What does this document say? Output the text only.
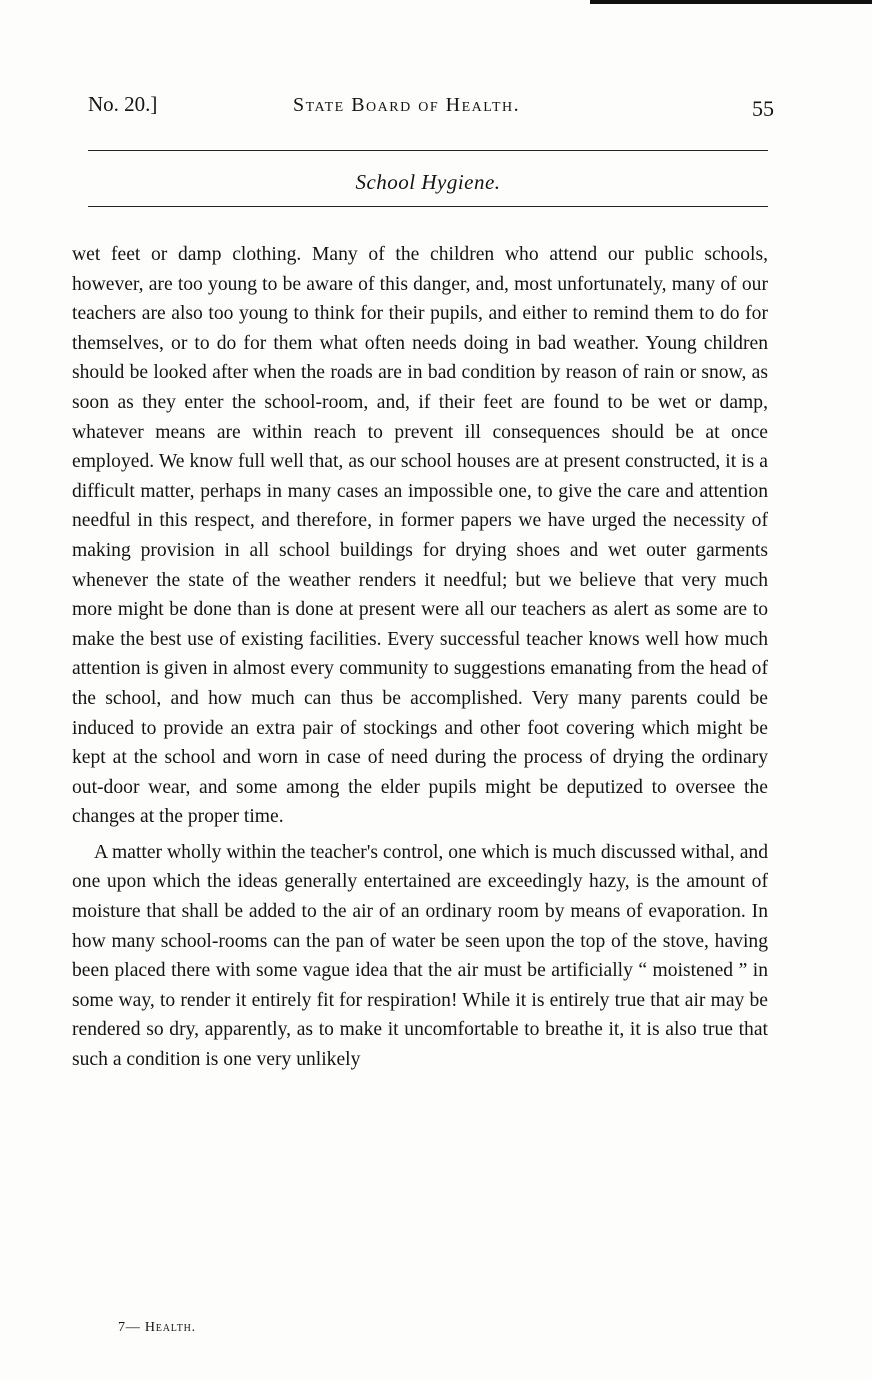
No. 20.]	State Board of Health.	55
School Hygiene.

wet feet or damp clothing. Many of the children who attend our public schools, however, are too young to be aware of this danger, and, most unfortunately, many of our teachers are also too young to think for their pupils, and either to remind them to do for themselves, or to do for them what often needs doing in bad weather. Young children should be looked after when the roads are in bad condition by reason of rain or snow, as soon as they enter the school-room, and, if their feet are found to be wet or damp, whatever means are within reach to prevent ill consequences should be at once employed. We know full well that, as our school houses are at present constructed, it is a difficult matter, perhaps in many cases an impossible one, to give the care and attention needful in this respect, and therefore, in former papers we have urged the necessity of making provision in all school buildings for drying shoes and wet outer garments whenever the state of the weather renders it needful; but we believe that very much more might be done than is done at present were all our teachers as alert as some are to make the best use of existing facilities. Every successful teacher knows well how much attention is given in almost every community to suggestions emanating from the head of the school, and how much can thus be accomplished. Very many parents could be induced to provide an extra pair of stockings and other foot covering which might be kept at the school and worn in case of need during the process of drying the ordinary out-door wear, and some among the elder pupils might be deputized to oversee the changes at the proper time.

A matter wholly within the teacher's control, one which is much discussed withal, and one upon which the ideas generally entertained are exceedingly hazy, is the amount of moisture that shall be added to the air of an ordinary room by means of evaporation. In how many school-rooms can the pan of water be seen upon the top of the stove, having been placed there with some vague idea that the air must be artificially “ moistened ” in some way, to render it entirely fit for respiration! While it is entirely true that air may be rendered so dry, apparently, as to make it uncomfortable to breathe it, it is also true that such a condition is one very unlikely

7— Health.
